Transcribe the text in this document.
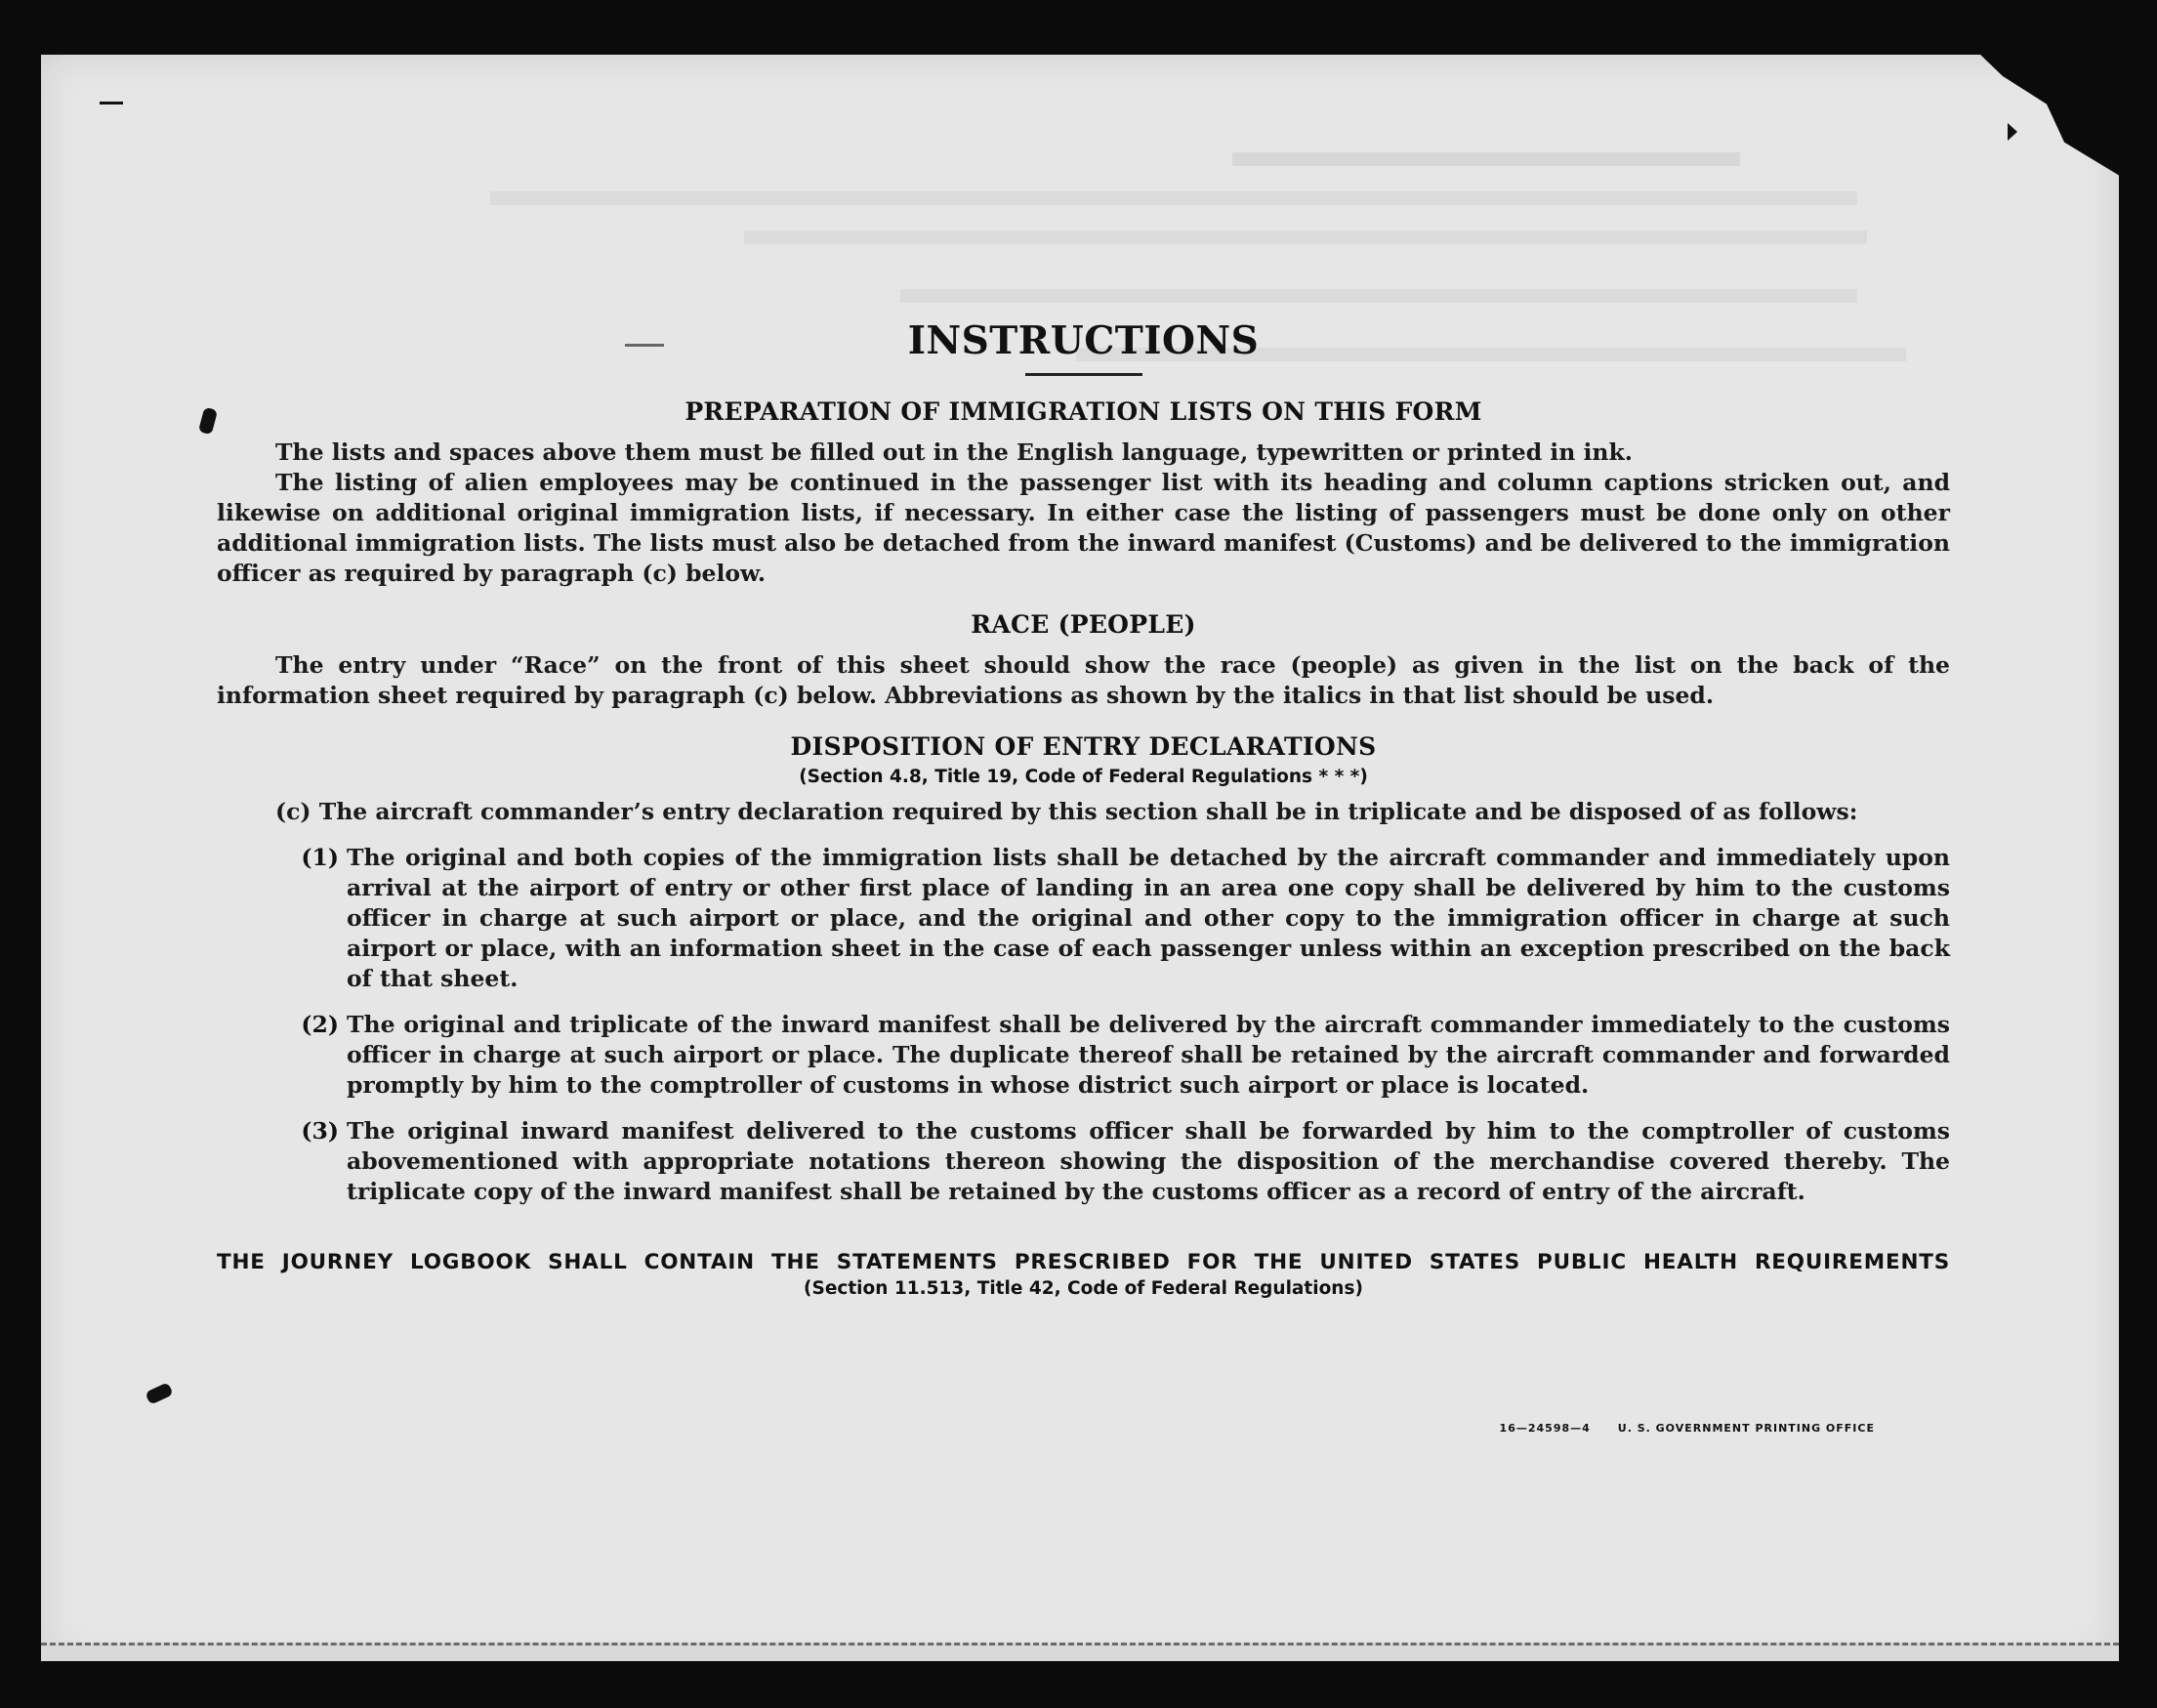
INSTRUCTIONS
PREPARATION OF IMMIGRATION LISTS ON THIS FORM

The lists and spaces above them must be filled out in the English language, typewritten or printed in ink.

The listing of alien employees may be continued in the passenger list with its heading and column captions stricken out, and likewise on additional original immigration lists, if necessary. In either case the listing of passengers must be done only on other additional immigration lists. The lists must also be detached from the inward manifest (Customs) and be delivered to the immigration officer as required by paragraph (c) below.

RACE (PEOPLE)

The entry under “Race” on the front of this sheet should show the race (people) as given in the list on the back of the information sheet required by paragraph (c) below. Abbreviations as shown by the italics in that list should be used.

DISPOSITION OF ENTRY DECLARATIONS
(Section 4.8, Title 19, Code of Federal Regulations * * *)

(c) The aircraft commander’s entry declaration required by this section shall be in triplicate and be disposed of as follows:

(1) The original and both copies of the immigration lists shall be detached by the aircraft commander and immediately upon arrival at the airport of entry or other first place of landing in an area one copy shall be delivered by him to the customs officer in charge at such airport or place, and the original and other copy to the immigration officer in charge at such airport or place, with an information sheet in the case of each passenger unless within an exception prescribed on the back of that sheet.
(2) The original and triplicate of the inward manifest shall be delivered by the aircraft commander immediately to the customs officer in charge at such airport or place. The duplicate thereof shall be retained by the aircraft commander and forwarded promptly by him to the comptroller of customs in whose district such airport or place is located.
(3) The original inward manifest delivered to the customs officer shall be forwarded by him to the comptroller of customs abovementioned with appropriate notations thereon showing the disposition of the merchandise covered thereby. The triplicate copy of the inward manifest shall be retained by the customs officer as a record of entry of the aircraft.
THE JOURNEY LOGBOOK SHALL CONTAIN THE STATEMENTS PRESCRIBED FOR THE UNITED STATES PUBLIC HEALTH REQUIREMENTS
(Section 11.513, Title 42, Code of Federal Regulations)
16—24598—4	U. S. GOVERNMENT PRINTING OFFICE
